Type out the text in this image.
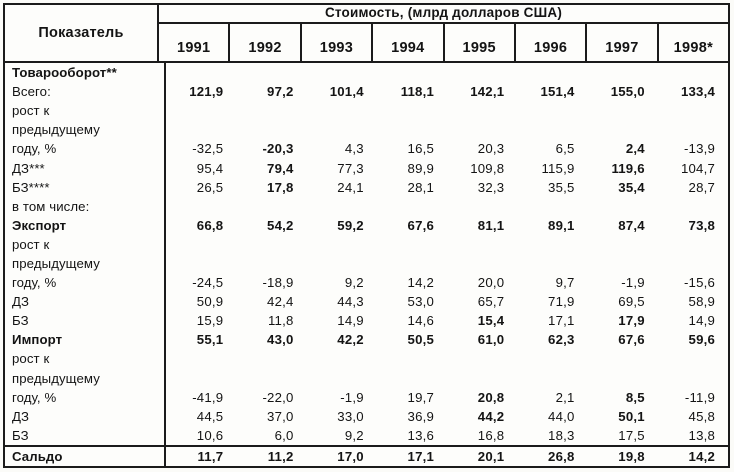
Показатель
Стоимость, (млрд долларов США)
1991	1992	1993	1994	1995	1996	1997	1998*
Товарооборот**
Всего:	121,9	97,2	101,4	118,1	142,1	151,4	155,0	133,4
рост к
предыдущему
году, %	-32,5	-20,3	4,3	16,5	20,3	6,5	2,4	-13,9
ДЗ***	95,4	79,4	77,3	89,9	109,8	115,9	119,6	104,7
БЗ****	26,5	17,8	24,1	28,1	32,3	35,5	35,4	28,7
в том числе:
Экспорт	66,8	54,2	59,2	67,6	81,1	89,1	87,4	73,8
рост к
предыдущему
году, %	-24,5	-18,9	9,2	14,2	20,0	9,7	-1,9	-15,6
ДЗ	50,9	42,4	44,3	53,0	65,7	71,9	69,5	58,9
БЗ	15,9	11,8	14,9	14,6	15,4	17,1	17,9	14,9
Импорт	55,1	43,0	42,2	50,5	61,0	62,3	67,6	59,6
рост к
предыдущему
году, %	-41,9	-22,0	-1,9	19,7	20,8	2,1	8,5	-11,9
ДЗ	44,5	37,0	33,0	36,9	44,2	44,0	50,1	45,8
БЗ	10,6	6,0	9,2	13,6	16,8	18,3	17,5	13,8
Сальдо	11,7	11,2	17,0	17,1	20,1	26,8	19,8	14,2
